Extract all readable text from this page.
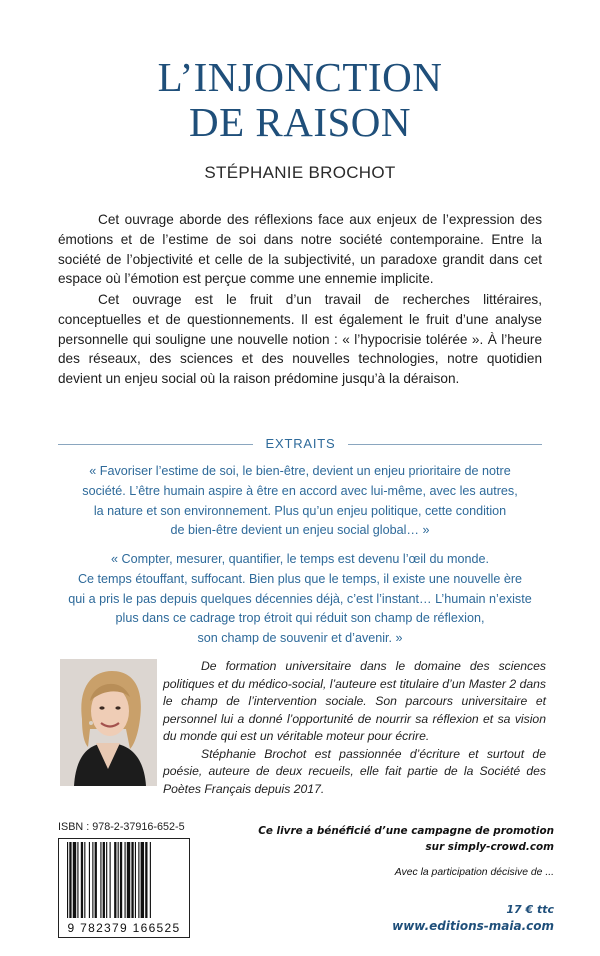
L’INJONCTION
DE RAISON
STÉPHANIE BROCHOT

Cet ouvrage aborde des réflexions face aux enjeux de l’expression des émotions et de l’estime de soi dans notre société contemporaine. Entre la société de l’objectivité et celle de la subjectivité, un paradoxe grandit dans cet espace où l’émotion est perçue comme une ennemie implicite.

Cet ouvrage est le fruit d’un travail de recherches littéraires, conceptuelles et de questionnements. Il est également le fruit d’une analyse personnelle qui souligne une nouvelle notion : « l’hypocrisie tolérée ». À l’heure des réseaux, des sciences et des nouvelles technologies, notre quotidien devient un enjeu social où la raison prédomine jusqu’à la déraison.

EXTRAITS
« Favoriser l’estime de soi, le bien-être, devient un enjeu prioritaire de notre
société. L’être humain aspire à être en accord avec lui-même, avec les autres,
la nature et son environnement. Plus qu’un enjeu politique, cette condition
de bien-être devient un enjeu social global… »
« Compter, mesurer, quantifier, le temps est devenu l’œil du monde.
Ce temps étouffant, suffocant. Bien plus que le temps, il existe une nouvelle ère
qui a pris le pas depuis quelques décennies déjà, c’est l’instant… L’humain n’existe
plus dans ce cadrage trop étroit qui réduit son champ de réflexion,
son champ de souvenir et d’avenir. »

De formation universitaire dans le domaine des sciences politiques et du médico-social, l’auteure est titulaire d’un Master 2 dans le champ de l’intervention sociale. Son parcours universitaire et personnel lui a donné l’opportunité de nourrir sa réflexion et sa vision du monde qui est un véritable moteur pour écrire.

Stéphanie Brochot est passionnée d’écriture et surtout de poésie, auteure de deux recueils, elle fait partie de la Société des Poètes Français depuis 2017.

ISBN : 978-2-37916-652-5
9 782379 166525
Ce livre a bénéficié d’une campagne de promotion
sur simply-crowd.com
Avec la participation décisive de ...
17 € ttc
www.editions-maia.com
